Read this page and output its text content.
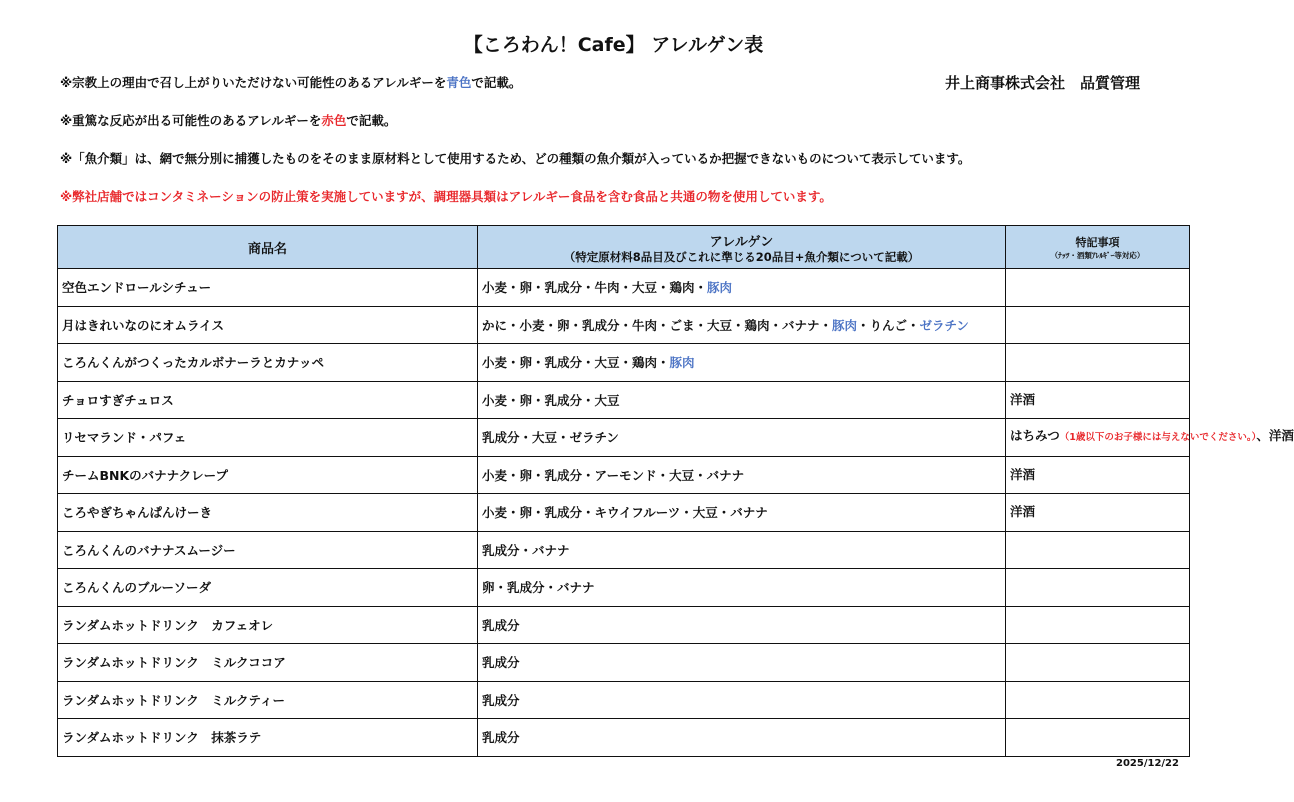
【ころわん！Cafe】 アレルゲン表
井上商事株式会社　品質管理
※宗教上の理由で召し上がりいただけない可能性のあるアレルギーを青色で記載。
※重篤な反応が出る可能性のあるアレルギーを赤色で記載。
※「魚介類」は、網で無分別に捕獲したものをそのまま原材料として使用するため、どの種類の魚介類が入っているか把握できないものについて表示しています。
※弊社店舗ではコンタミネーションの防止策を実施していますが、調理器具類はアレルギー食品を含む食品と共通の物を使用しています。
商品名	アレルゲン
（特定原材料8品目及びこれに準じる20品目+魚介類について記載）

特記事項
（ﾅｯﾂ・酒類ｱﾚﾙｷﾞｰ等対応）

空色エンドロールシチュー	小麦・卵・乳成分・牛肉・大豆・鶏肉・豚肉	
月はきれいなのにオムライス	かに・小麦・卵・乳成分・牛肉・ごま・大豆・鶏肉・バナナ・豚肉・りんご・ゼラチン	
ころんくんがつくったカルボナーラとカナッペ	小麦・卵・乳成分・大豆・鶏肉・豚肉	
チョロすぎチュロス	小麦・卵・乳成分・大豆	洋酒
リセマランド・パフェ	乳成分・大豆・ゼラチン	はちみつ（1歳以下のお子様には与えないでください。）、洋酒
チームBNKのバナナクレープ	小麦・卵・乳成分・アーモンド・大豆・バナナ	洋酒
ころやぎちゃんぱんけーき	小麦・卵・乳成分・キウイフルーツ・大豆・バナナ	洋酒
ころんくんのバナナスムージー	乳成分・バナナ	
ころんくんのブルーソーダ	卵・乳成分・バナナ	
ランダムホットドリンク　カフェオレ	乳成分	
ランダムホットドリンク　ミルクココア	乳成分	
ランダムホットドリンク　ミルクティー	乳成分	
ランダムホットドリンク　抹茶ラテ	乳成分	
2025/12/22
